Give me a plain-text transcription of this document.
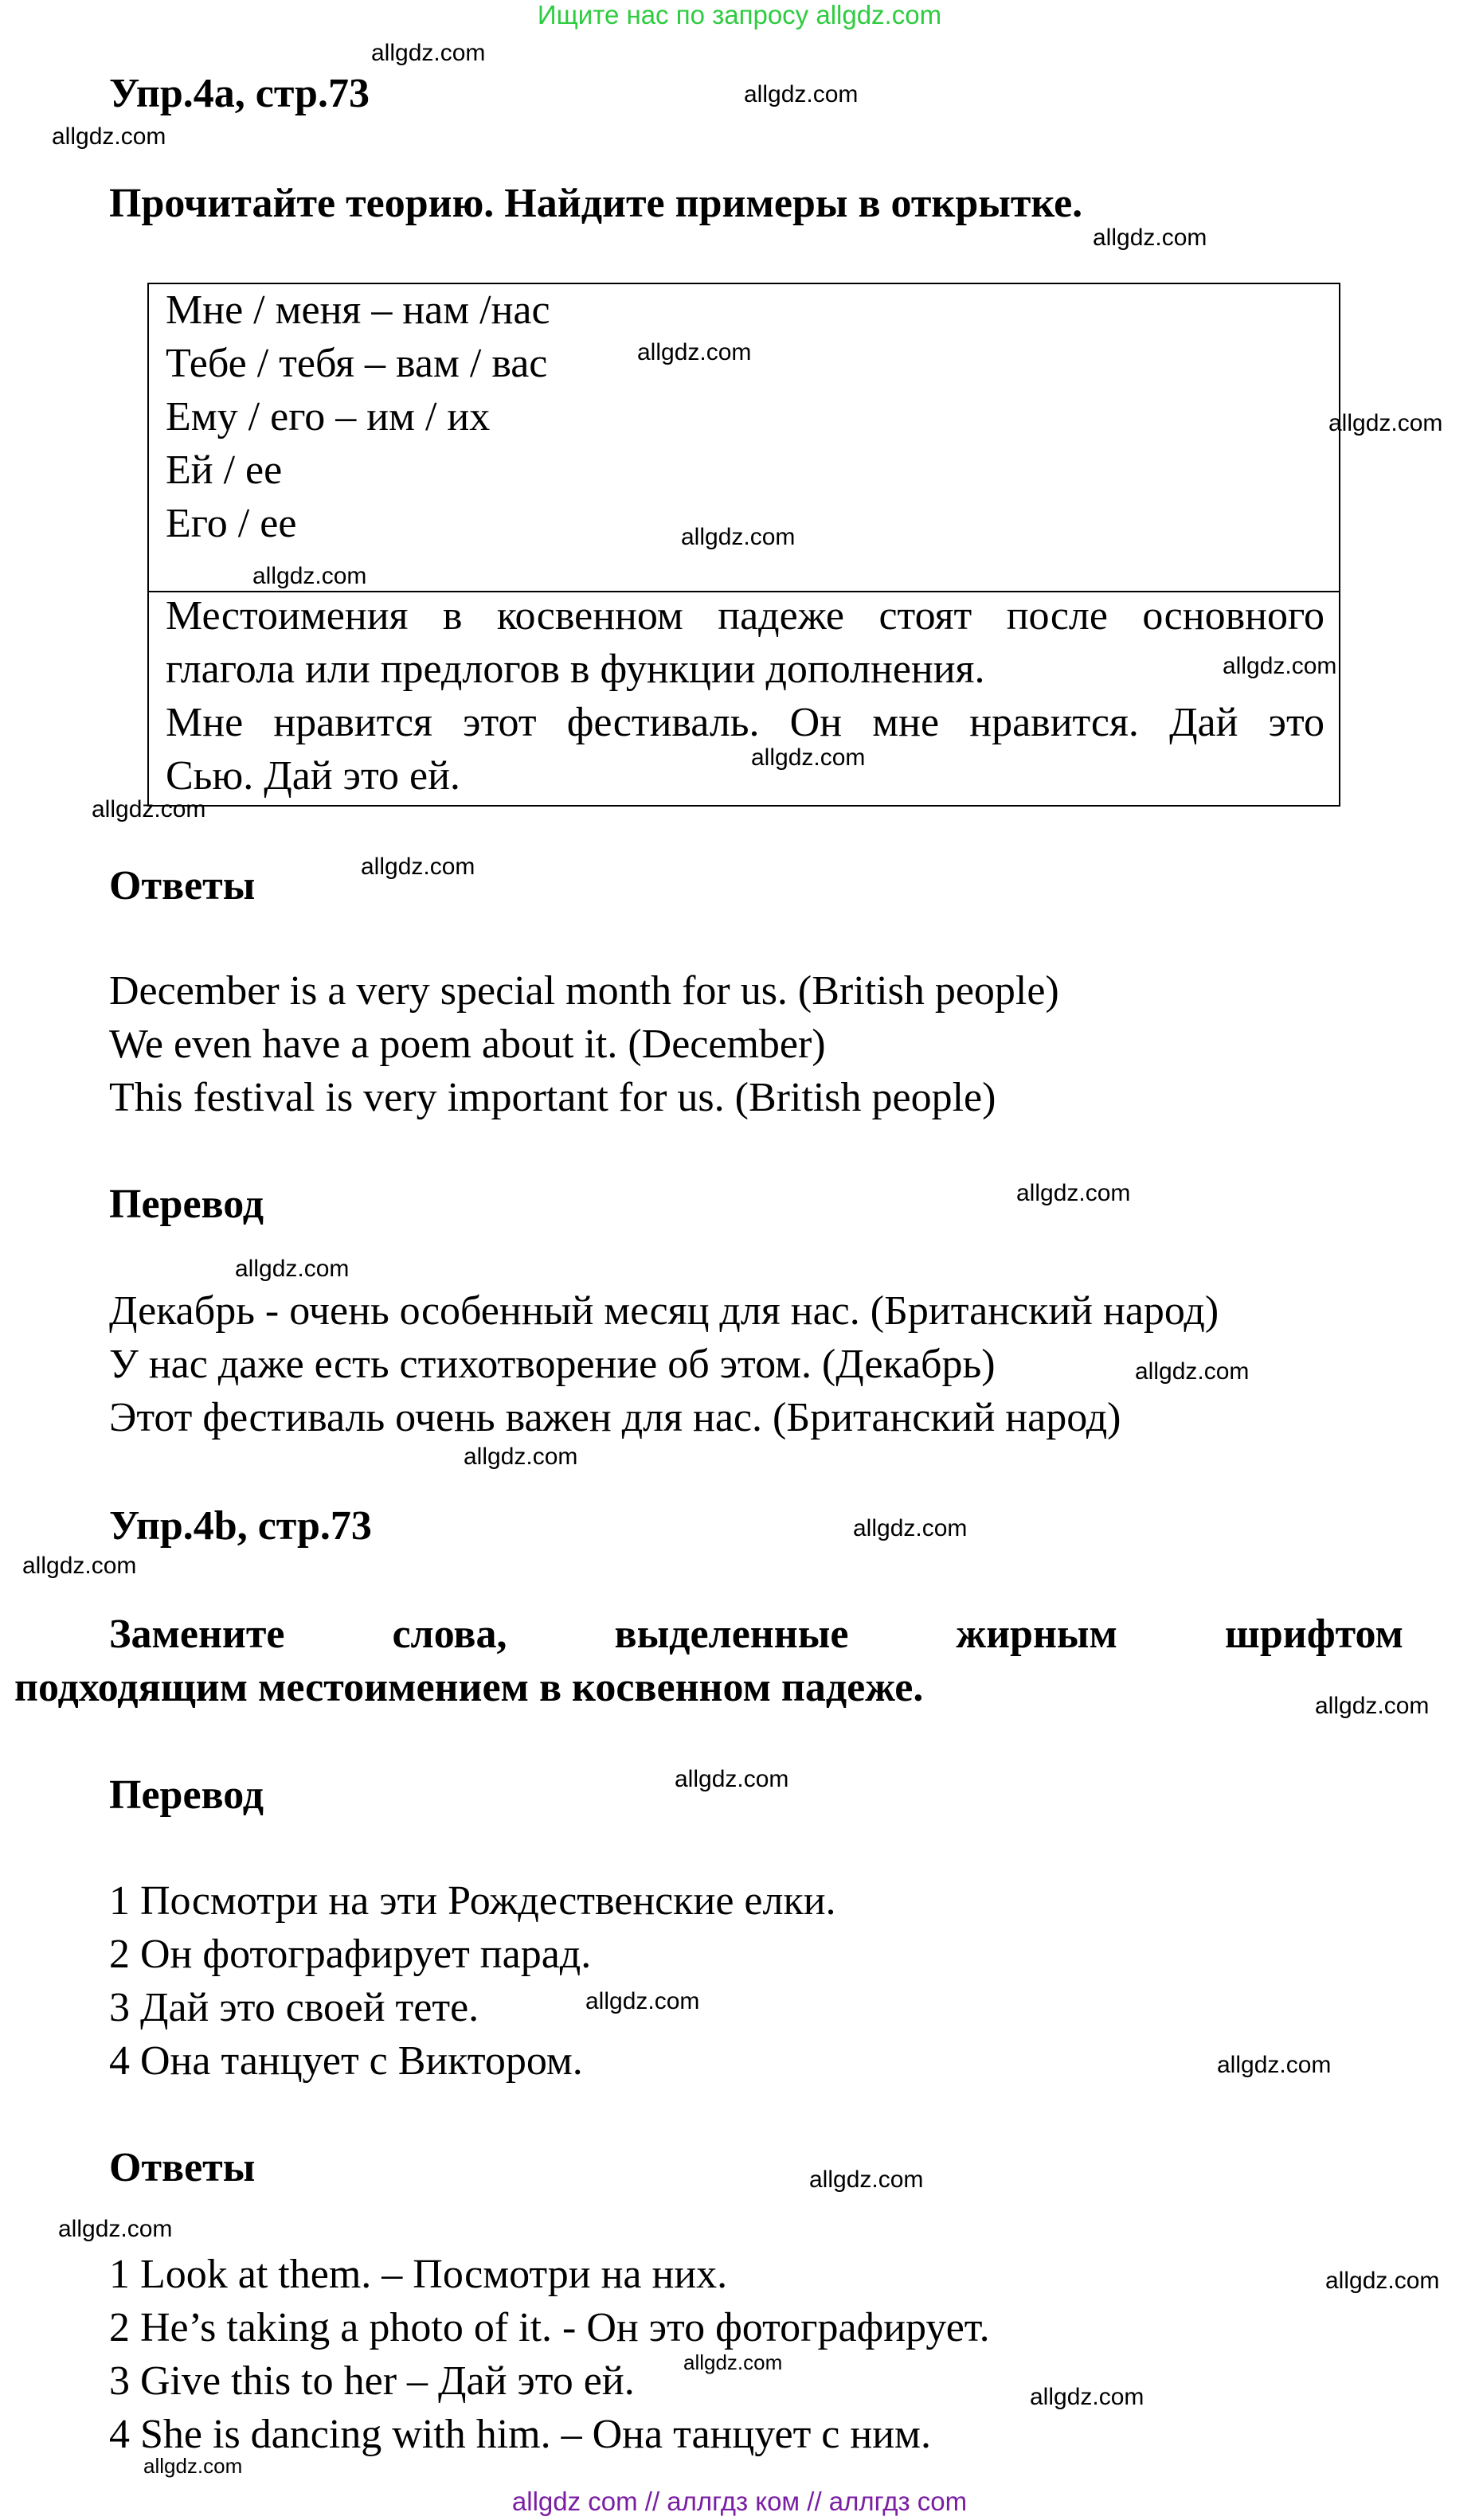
Ищите нас по запросу allgdz.com
Упр.4a, стр.73
Прочитайте теорию. Найдите примеры в открытке.
Мне / меня – нам /нас
Тебе / тебя – вам / вас
Ему / его – им / их
Ей / ее
Его / ее
Местоимения в косвенном падеже стоят после основного
глагола или предлогов в функции дополнения.
Мне нравится этот фестиваль. Он мне нравится. Дай это
Сью. Дай это ей.
Ответы
December is a very special month for us. (British people)
We even have a poem about it. (December)
This festival is very important for us. (British people)
Перевод
Декабрь - очень особенный месяц для нас. (Британский народ)
У нас даже есть стихотворение об этом. (Декабрь)
Этот фестиваль очень важен для нас. (Британский народ)
Упр.4b, стр.73
Замените	слова,	выделенные	жирным	шрифтом
подходящим местоимением в косвенном падеже.
Перевод
1 Посмотри на эти Рождественские елки.
2 Он фотографирует парад.
3 Дай это своей тете.
4 Она танцует с Виктором.
Ответы
1 Look at them. – Посмотри на них.
2 He’s taking a photo of it. - Он это фотографирует.
3 Give this to her – Дай это ей.
4 She is dancing with him. – Она танцует с ним.
allgdz.com
allgdz.com
allgdz.com
allgdz.com
allgdz.com
allgdz.com
allgdz.com
allgdz.com
allgdz.com
allgdz.com
allgdz.com
allgdz.com
allgdz.com
allgdz.com
allgdz.com
allgdz.com
allgdz.com
allgdz.com
allgdz.com
allgdz.com
allgdz.com
allgdz.com
allgdz.com
allgdz.com
allgdz.com
allgdz.com
allgdz.com
allgdz.com
allgdz com // аллгдз ком // аллгдз com
